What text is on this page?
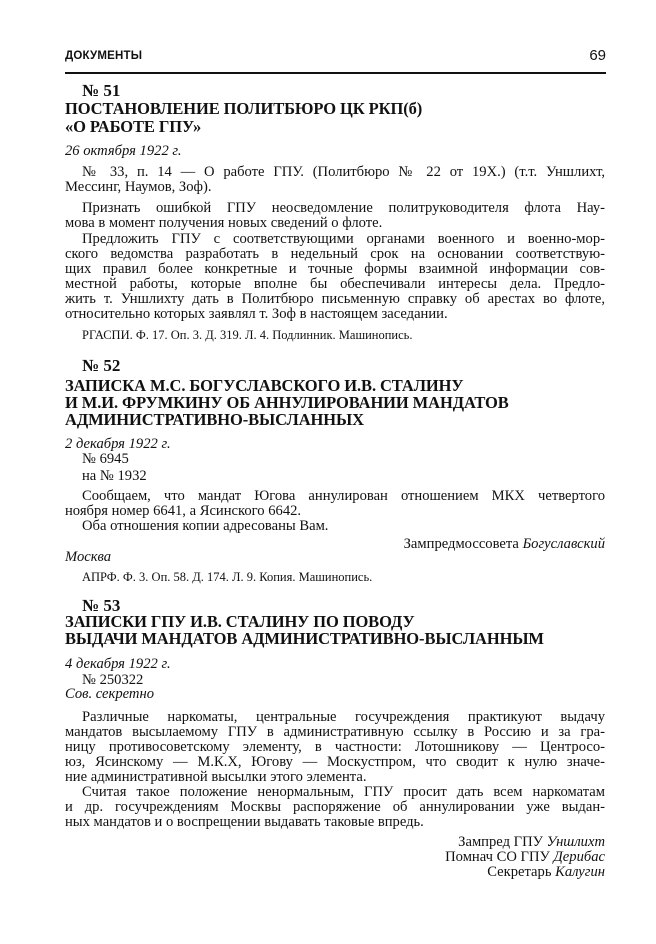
ДОКУМЕНТЫ	69
№ 51
ПОСТАНОВЛЕНИЕ ПОЛИТБЮРО ЦК РКП(б)
«О РАБОТЕ ГПУ»
26 октября 1922 г.
№ 33, п. 14 — О работе ГПУ. (Политбюро № 22 от 19Х.) (т.т. Уншлихт,
Мессинг, Наумов, Зоф).
Признать ошибкой ГПУ неосведомление политруководителя флота Нау-
мова в момент получения новых сведений о флоте.
Предложить ГПУ с соответствующими органами военного и военно-мор-
ского ведомства разработать в недельный срок на основании соответствую-
щих правил более конкретные и точные формы взаимной информации сов-
местной работы, которые вполне бы обеспечивали интересы дела. Предло-
жить т. Уншлихту дать в Политбюро письменную справку об арестах во флоте,
относительно которых заявлял т. Зоф в настоящем заседании.
РГАСПИ. Ф. 17. Оп. 3. Д. 319. Л. 4. Подлинник. Машинопись.
№ 52
ЗАПИСКА М.С. БОГУСЛАВСКОГО И.В. СТАЛИНУ
И М.И. ФРУМКИНУ ОБ АННУЛИРОВАНИИ МАНДАТОВ
АДМИНИСТРАТИВНО-ВЫСЛАННЫХ
2 декабря 1922 г.
№ 6945
на № 1932
Сообщаем, что мандат Югова аннулирован отношением МКХ четвертого
ноября номер 6641, а Ясинского 6642.
Оба отношения копии адресованы Вам.
Зампредмоссовета Богуславский
Москва
АПРФ. Ф. 3. Оп. 58. Д. 174. Л. 9. Копия. Машинопись.
№ 53
ЗАПИСКИ ГПУ И.В. СТАЛИНУ ПО ПОВОДУ
ВЫДАЧИ МАНДАТОВ АДМИНИСТРАТИВНО-ВЫСЛАННЫМ
4 декабря 1922 г.
№ 250322
Сов. секретно
Различные наркоматы, центральные госучреждения практикуют выдачу
мандатов высылаемому ГПУ в административную ссылку в Россию и за гра-
ницу противосоветскому элементу, в частности: Лотошникову — Центросо-
юз, Ясинскому — М.К.Х, Югову — Москустпром, что сводит к нулю значе-
ние административной высылки этого элемента.
Считая такое положение ненормальным, ГПУ просит дать всем наркоматам
и др. госучреждениям Москвы распоряжение об аннулировании уже выдан-
ных мандатов и о воспрещении выдавать таковые впредь.
Зампред ГПУ Уншлихт
Помнач СО ГПУ Дерибас
Секретарь Калугин
